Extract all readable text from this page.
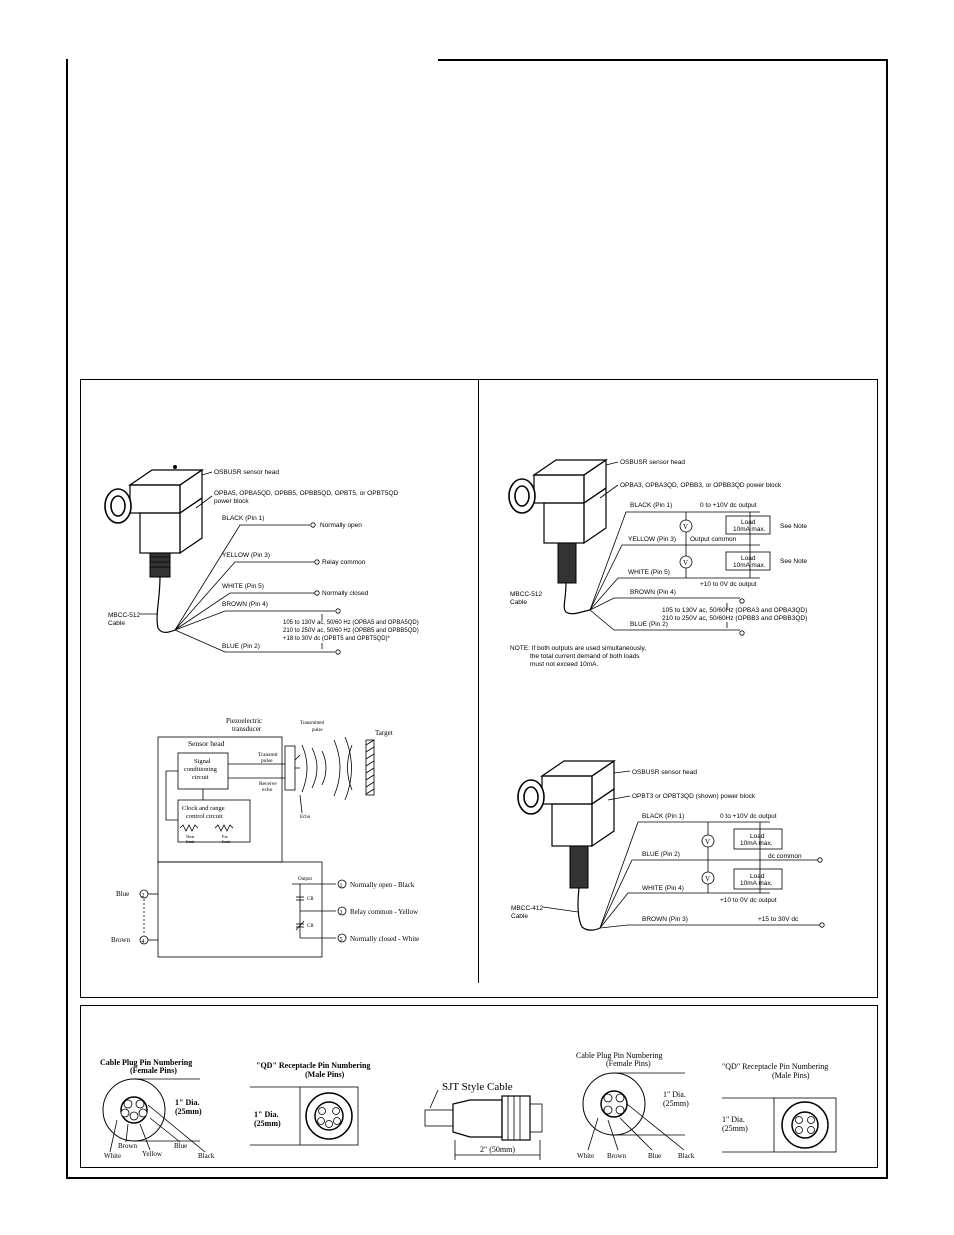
OSBUSR sensor head
OPBA5, OPBA5QD, OPBB5, OPBB5QD, OPBT5, or OPBT5QD
power block
BLACK (Pin 1)
Normally open
YELLOW (Pin 3)
Relay common
WHITE (Pin 5)
Normally closed
BROWN (Pin 4)
BLUE (Pin 2)
MBCC-512
Cable	105 to 130V ac, 50/60 Hz (OPBA5 and OPBA5QD)
210 to 250V ac, 50/60 Hz (OPBB5 and OPBB5QD)
+18 to 30V dc (OPBT5 and OPBT5QD)*
Piezoelectric
transducer
Transmitted
pulse	Target
Sensor head
Signal
conditioning
circuit
Transmit
pulse
Receive
echo
Clock and range
control circuit
Near
limit
Far
limit
Echo
Output
CR
CR
1
3
5
Normally open - Black
Relay common - Yellow
Normally closed - White
2
4
Blue
Brown
V
V
Load
10mA max.
Load
10mA max.
See Note
See Note
OSBUSR sensor head
OPBA3, OPBA3QD, OPBB3, or OPBB3QD power block
BLACK (Pin 1)	0 to +10V dc output
YELLOW (Pin 3) Output common
WHITE (Pin 5)
+10 to 0V dc output
BROWN (Pin 4)
BLUE (Pin 2)
105 to 130V ac, 50/60Hz (OPBA3 and OPBA3QD)
210 to 250V ac, 50/60Hz (OPBB3 and OPBB3QD)
MBCC-512
Cable
NOTE: If both outputs are used simultaneously,
the total current demand of both loads
must not exceed 10mA.
V
V
Load
10mA max.
Load
10mA max.
OSBUSR sensor head
OPBT3 or OPBT3QD (shown) power block
BLACK (Pin 1)	0 to +10V dc output
BLUE (Pin 2)	dc common
WHITE (Pin 4)
+10 to 0V dc output
BROWN (Pin 3)	+15 to 30V dc
MBCC-412
Cable
Cable Plug Pin Numbering
(Female Pins)
1" Dia.
(25mm)
White
Brown
Yellow
Blue
Black
"QD" Receptacle Pin Numbering
(Male Pins)
1" Dia.
(25mm)
SJT Style Cable
2" (50mm)
Cable Plug Pin Numbering
(Female Pins)
1" Dia.
(25mm)
White Brown	Blue Black
"QD" Receptacle Pin Numbering
(Male Pins)
1" Dia.
(25mm)
